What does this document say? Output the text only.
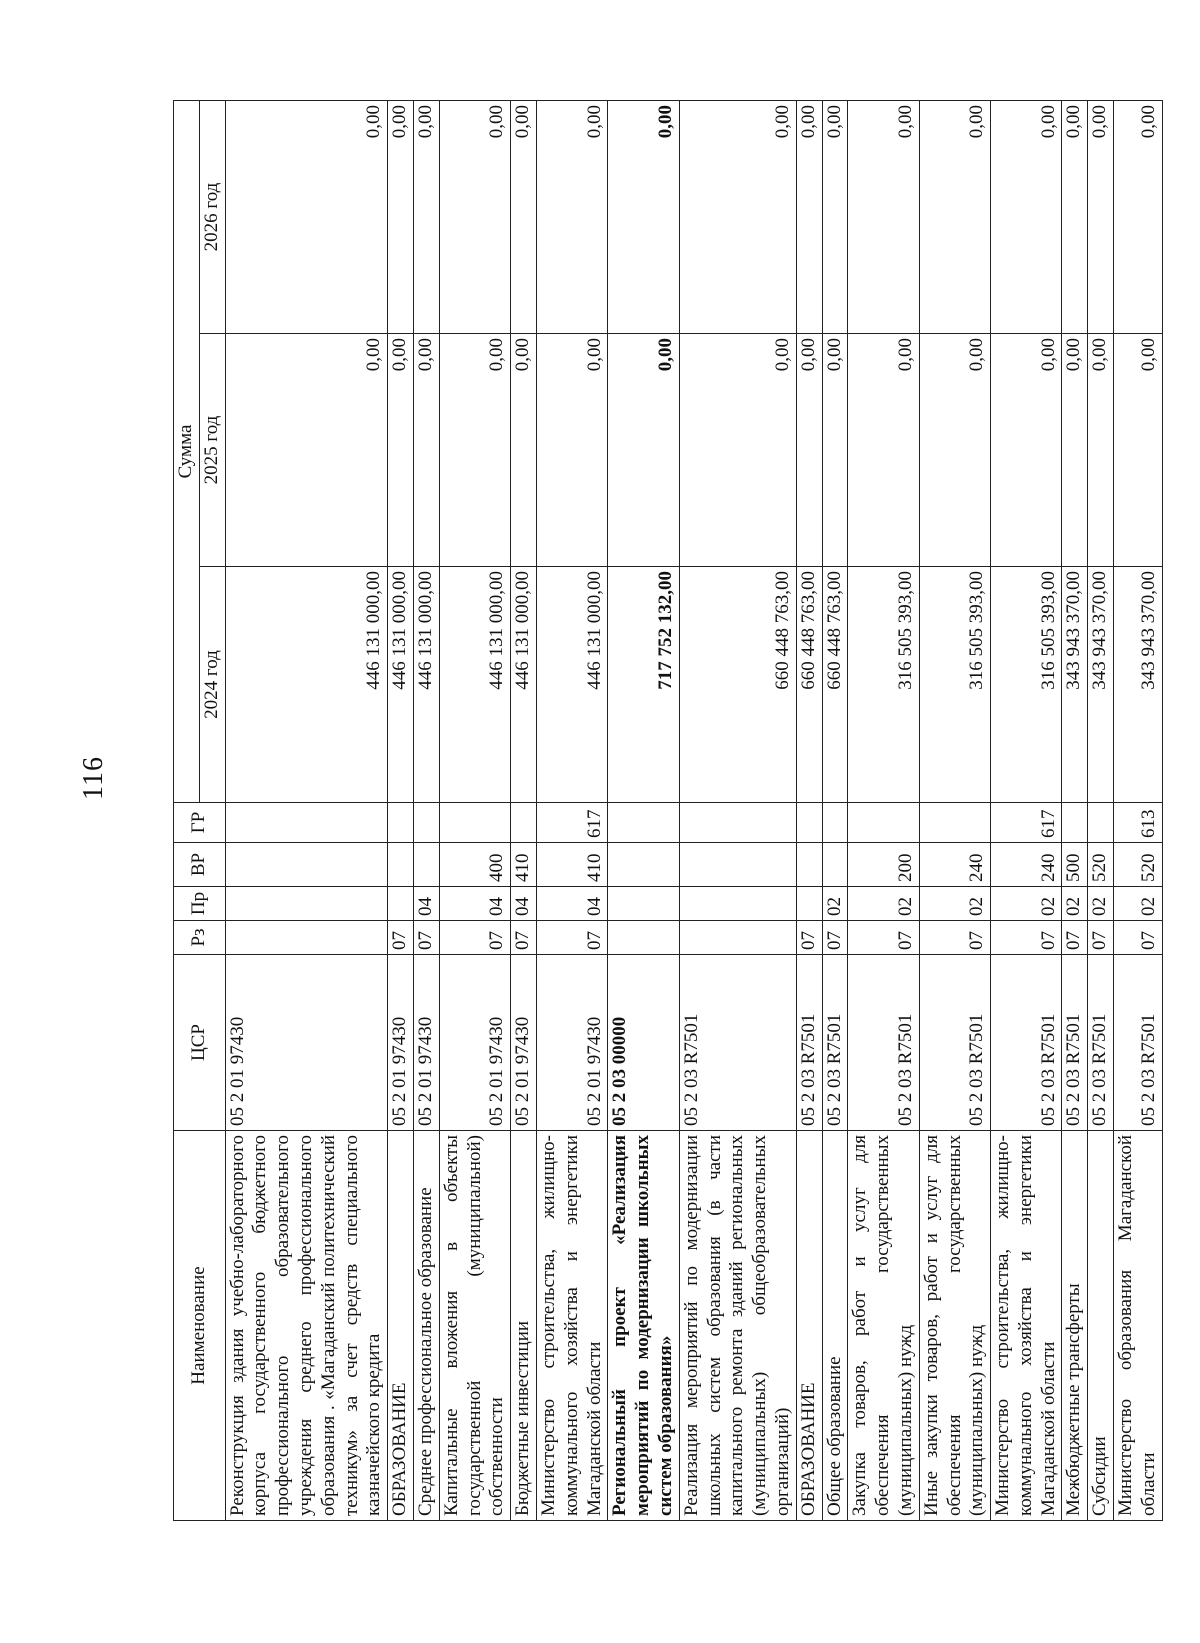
116
Наименование	ЦСР	Рз	Пр	ВР	ГР	Сумма		
						2024 год	2025 год	2026 год
Реконструкция здания учебно-лабораторного корпуса государственного бюджетного профессионального образовательного учреждения среднего профессионального образования . «Магаданский политехнический техникум» за счет средств специального казначейского кредита	05 2 01 97430					446 131 000,00	0,00	0,00
ОБРАЗОВАНИЕ	05 2 01 97430	07				446 131 000,00	0,00	0,00
Среднее профессиональное образование	05 2 01 97430	07	04			446 131 000,00	0,00	0,00
Капитальные вложения в объекты государственной (муниципальной) собственности	05 2 01 97430	07	04	400		446 131 000,00	0,00	0,00
Бюджетные инвестиции	05 2 01 97430	07	04	410		446 131 000,00	0,00	0,00
Министерство строительства, жилищно-коммунального хозяйства и энергетики Магаданской области	05 2 01 97430	07	04	410	617	446 131 000,00	0,00	0,00
Региональный проект «Реализация мероприятий по модернизации школьных систем образования»	05 2 03 00000					717 752 132,00	0,00	0,00
Реализация мероприятий по модернизации школьных систем образования (в части капитального ремонта зданий региональных (муниципальных) общеобразовательных организаций)	05 2 03 R7501					660 448 763,00	0,00	0,00
ОБРАЗОВАНИЕ	05 2 03 R7501	07				660 448 763,00	0,00	0,00
Общее образование	05 2 03 R7501	07	02			660 448 763,00	0,00	0,00
Закупка товаров, работ и услуг для обеспечения государственных (муниципальных) нужд	05 2 03 R7501	07	02	200		316 505 393,00	0,00	0,00
Иные закупки товаров, работ и услуг для обеспечения государственных (муниципальных) нужд	05 2 03 R7501	07	02	240		316 505 393,00	0,00	0,00
Министерство строительства, жилищно-коммунального хозяйства и энергетики Магаданской области	05 2 03 R7501	07	02	240	617	316 505 393,00	0,00	0,00
Межбюджетные трансферты	05 2 03 R7501	07	02	500		343 943 370,00	0,00	0,00
Субсидии	05 2 03 R7501	07	02	520		343 943 370,00	0,00	0,00
Министерство образования Магаданской области	05 2 03 R7501	07	02	520	613	343 943 370,00	0,00	0,00
